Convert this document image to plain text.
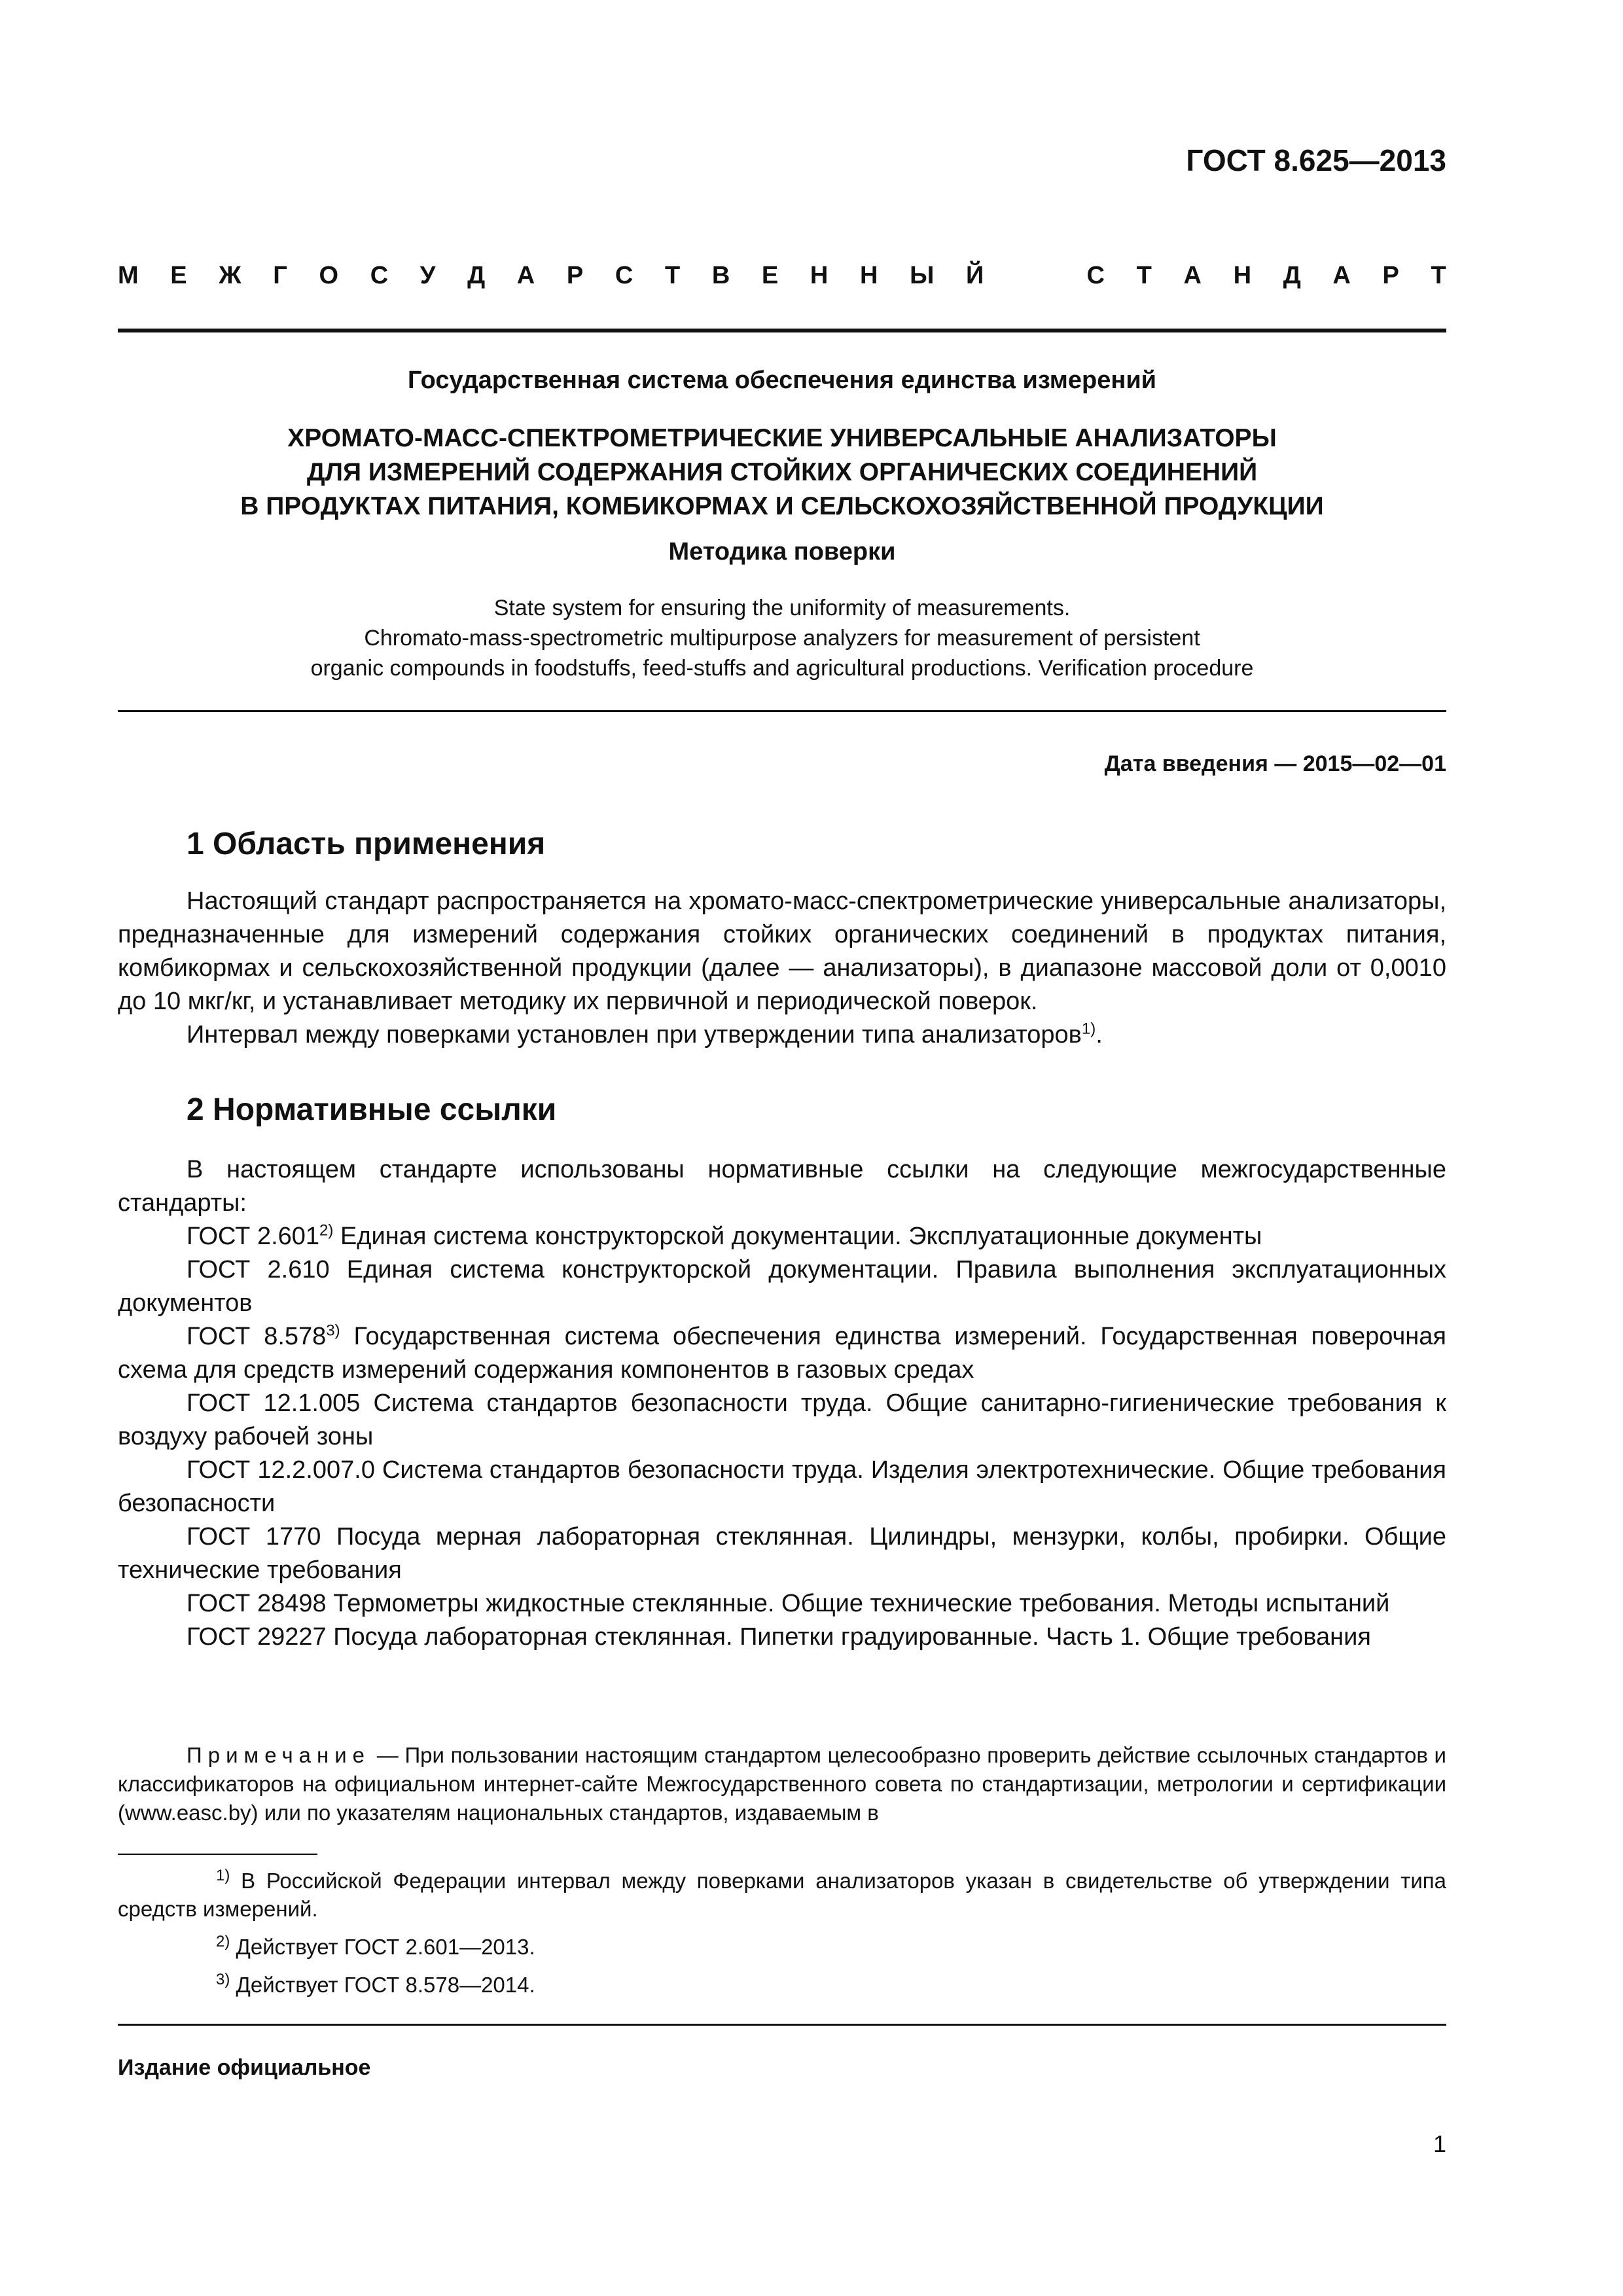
ГОСТ 8.625—2013
М Е Ж Г О С У Д А Р С Т В Е Н Н Ы Й	С Т А Н Д А Р Т
Государственная система обеспечения единства измерений
ХРОМАТО-МАСС-СПЕКТРОМЕТРИЧЕСКИЕ УНИВЕРСАЛЬНЫЕ АНАЛИЗАТОРЫ
ДЛЯ ИЗМЕРЕНИЙ СОДЕРЖАНИЯ СТОЙКИХ ОРГАНИЧЕСКИХ СОЕДИНЕНИЙ
В ПРОДУКТАХ ПИТАНИЯ, КОМБИКОРМАХ И СЕЛЬСКОХОЗЯЙСТВЕННОЙ ПРОДУКЦИИ
Методика поверки
State system for ensuring the uniformity of measurements.
Chromato-mass-spectrometric multipurpose analyzers for measurement of persistent
organic compounds in foodstuffs, feed-stuffs and agricultural productions. Verification procedure
Дата введения — 2015—02—01
1 Область применения

Настоящий стандарт распространяется на хромато-масс-спектрометрические универсальные анализаторы, предназначенные для измерений содержания стойких органических соединений в продуктах питания, комбикормах и сельскохозяйственной продукции (далее — анализаторы), в диапазоне массовой доли от 0,0010 до 10 мкг/кг, и устанавливает методику их первичной и периодической поверок.

Интервал между поверками установлен при утверждении типа анализаторов$^{1)}$.

2 Нормативные ссылки

В настоящем стандарте использованы нормативные ссылки на следующие межгосударственные стандарты:

ГОСТ 2.601$^{2)}$ Единая система конструкторской документации. Эксплуатационные документы

ГОСТ 2.610 Единая система конструкторской документации. Правила выполнения эксплуатационных документов

ГОСТ 8.578$^{3)}$ Государственная система обеспечения единства измерений. Государственная поверочная схема для средств измерений содержания компонентов в газовых средах

ГОСТ 12.1.005 Система стандартов безопасности труда. Общие санитарно-гигиенические требования к воздуху рабочей зоны

ГОСТ 12.2.007.0 Система стандартов безопасности труда. Изделия электротехнические. Общие требования безопасности

ГОСТ 1770 Посуда мерная лабораторная стеклянная. Цилиндры, мензурки, колбы, пробирки. Общие технические требования

ГОСТ 28498 Термометры жидкостные стеклянные. Общие технические требования. Методы испытаний

ГОСТ 29227 Посуда лабораторная стеклянная. Пипетки градуированные. Часть 1. Общие требования

Примечание — При пользовании настоящим стандартом целесообразно проверить действие ссылочных стандартов и классификаторов на официальном интернет-сайте Межгосударственного совета по стандартизации, метрологии и сертификации (www.easc.by) или по указателям национальных стандартов, издаваемым в

$^{1)}$ В Российской Федерации интервал между поверками анализаторов указан в свидетельстве об утверждении типа средств измерений.

$^{2)}$ Действует ГОСТ 2.601—2013.

$^{3)}$ Действует ГОСТ 8.578—2014.

Издание официальное
1
